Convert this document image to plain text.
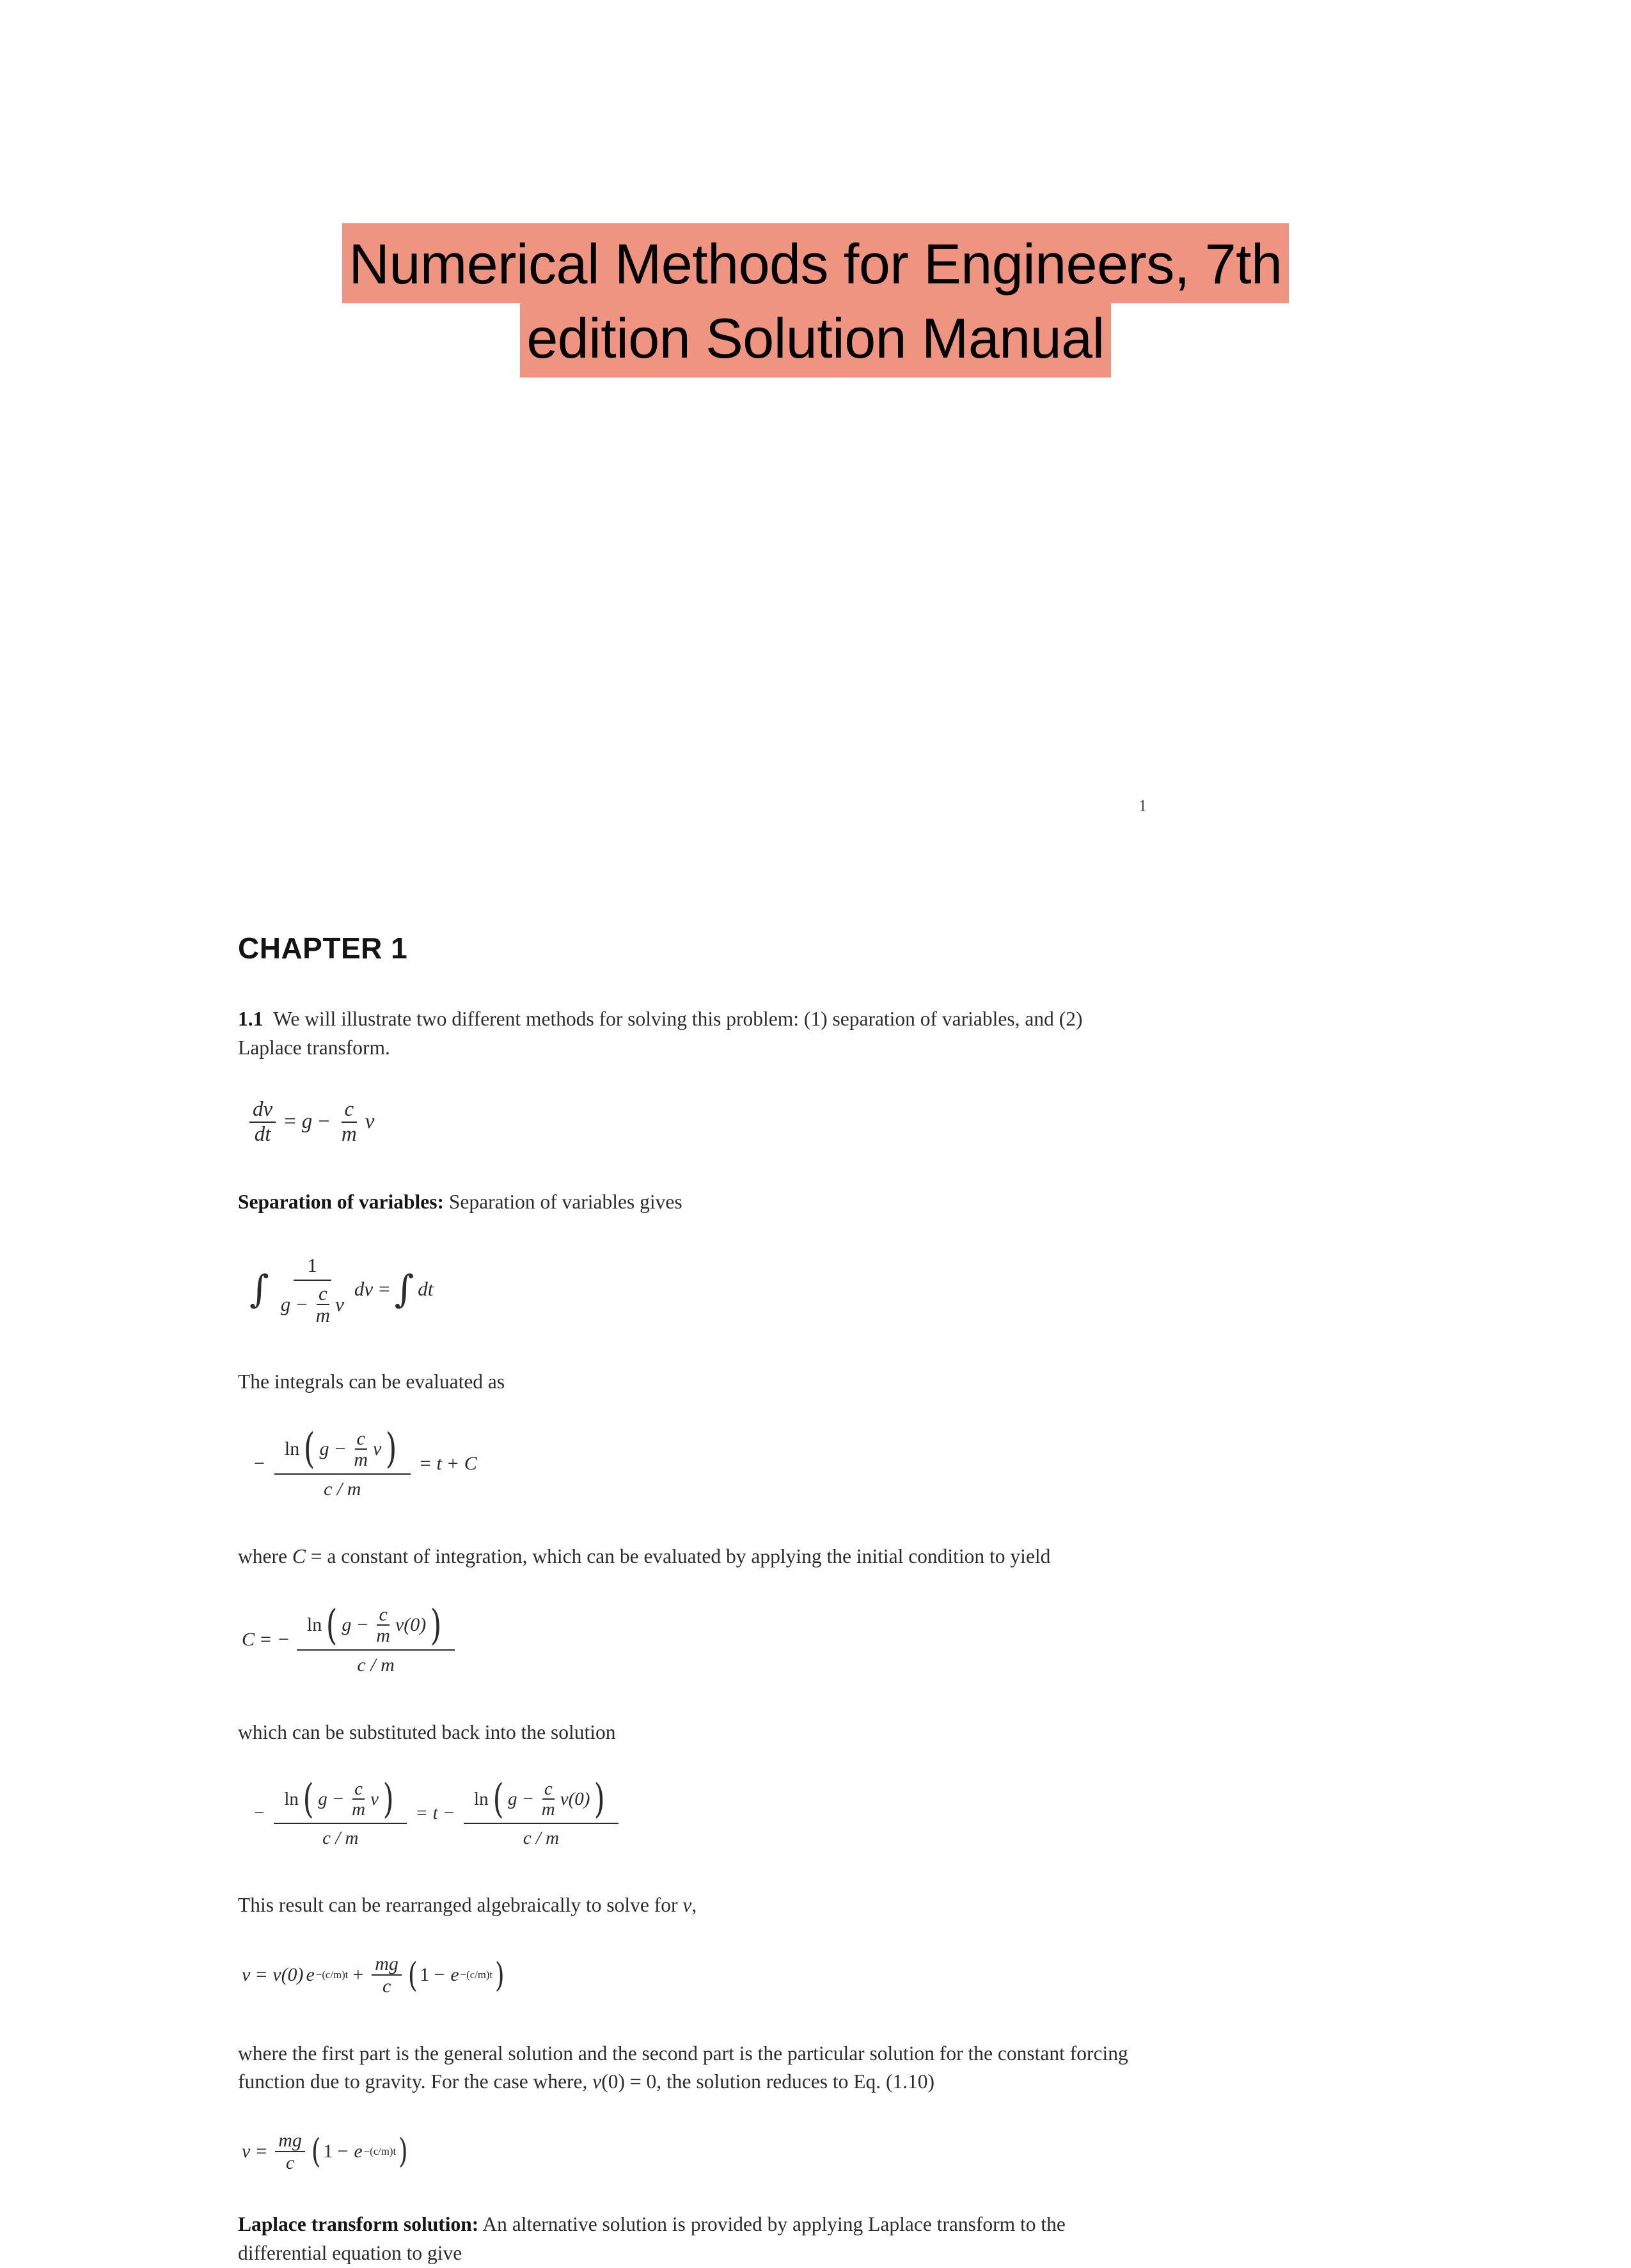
Numerical Methods for Engineers, 7th
edition Solution Manual
1
CHAPTER 1

1.1 We will illustrate two different methods for solving this problem: (1) separation of variables, and (2) Laplace transform.

$\frac{dv}{dt} = g - \frac{c}{m}$ v

Separation of variables: Separation of variables gives

∫
1
$g - \frac{c}{m}$ v
dv = ∫ dt

The integrals can be evaluated as

−
ln ( $g - \frac{c}{m}$ v )
c / m
= t + C

where C = a constant of integration, which can be evaluated by applying the initial condition to yield

C = −
ln ( $g - \frac{c}{m} v(0)$ )
c / m

which can be substituted back into the solution

−
ln ( $g - \frac{c}{m}$ v )
c / m
= t −
ln ( $g - \frac{c}{m} v(0)$ )
c / m

This result can be rearranged algebraically to solve for v,

v = v(0) $e -(c/m)t + \frac{mg}{c}$ ( 1 − e −(c/m)t )

where the first part is the general solution and the second part is the particular solution for the constant forcing function due to gravity. For the case where, v(0) = 0, the solution reduces to Eq. (1.10)

$v = \frac{mg}{c}$ ( 1 − e −(c/m)t )

Laplace transform solution: An alternative solution is provided by applying Laplace transform to the differential equation to give
